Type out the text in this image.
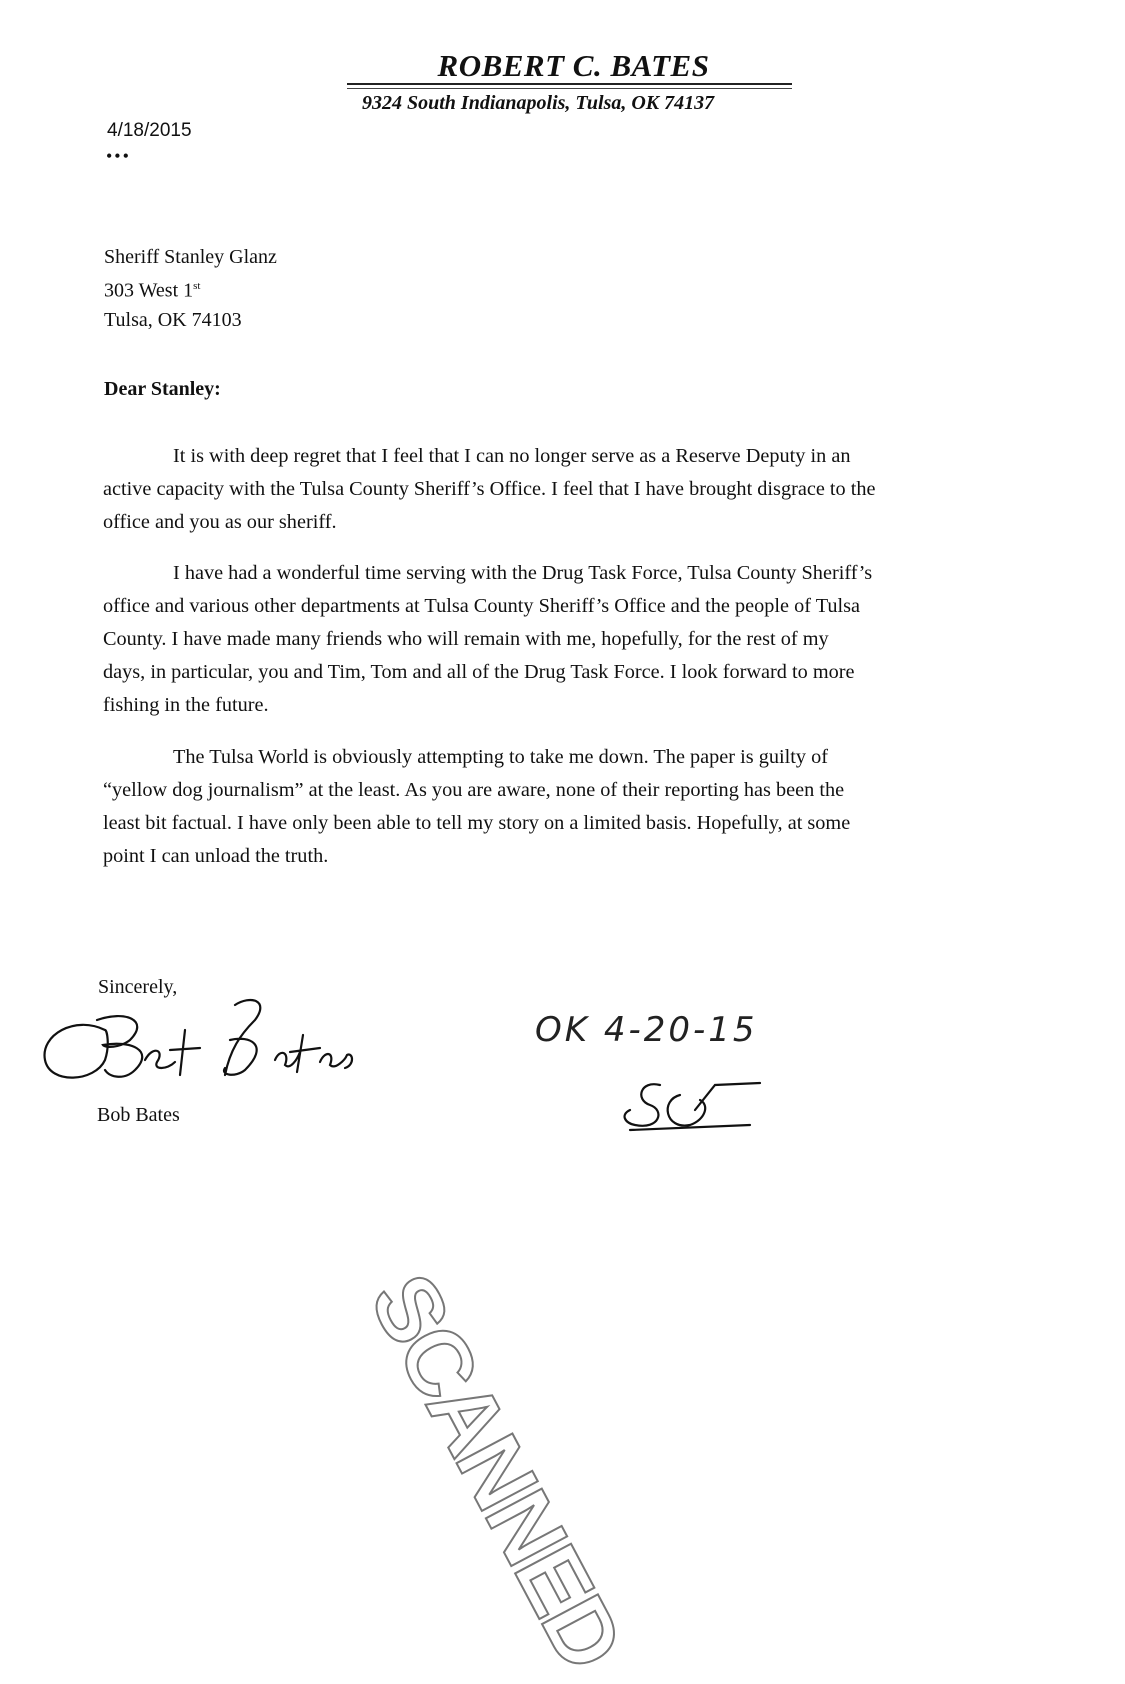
ROBERT C. BATES
9324 South Indianapolis, Tulsa, OK 74137
4/18/2015
•••
Sheriff Stanley Glanz
303 West 1st
Tulsa, OK 74103
Dear Stanley:
It is with deep regret that I feel that I can no longer serve as a Reserve Deputy in an
active capacity with the Tulsa County Sheriff’s Office. I feel that I have brought disgrace to the
office and you as our sheriff.
I have had a wonderful time serving with the Drug Task Force, Tulsa County Sheriff’s
office and various other departments at Tulsa County Sheriff’s Office and the people of Tulsa
County. I have made many friends who will remain with me, hopefully, for the rest of my
days, in particular, you and Tim, Tom and all of the Drug Task Force. I look forward to more
fishing in the future.
The Tulsa World is obviously attempting to take me down. The paper is guilty of
“yellow dog journalism” at the least. As you are aware, none of their reporting has been the
least bit factual. I have only been able to tell my story on a limited basis. Hopefully, at some
point I can unload the truth.
Sincerely,
Bob Bates
OK 4-20-15
SCANNED
